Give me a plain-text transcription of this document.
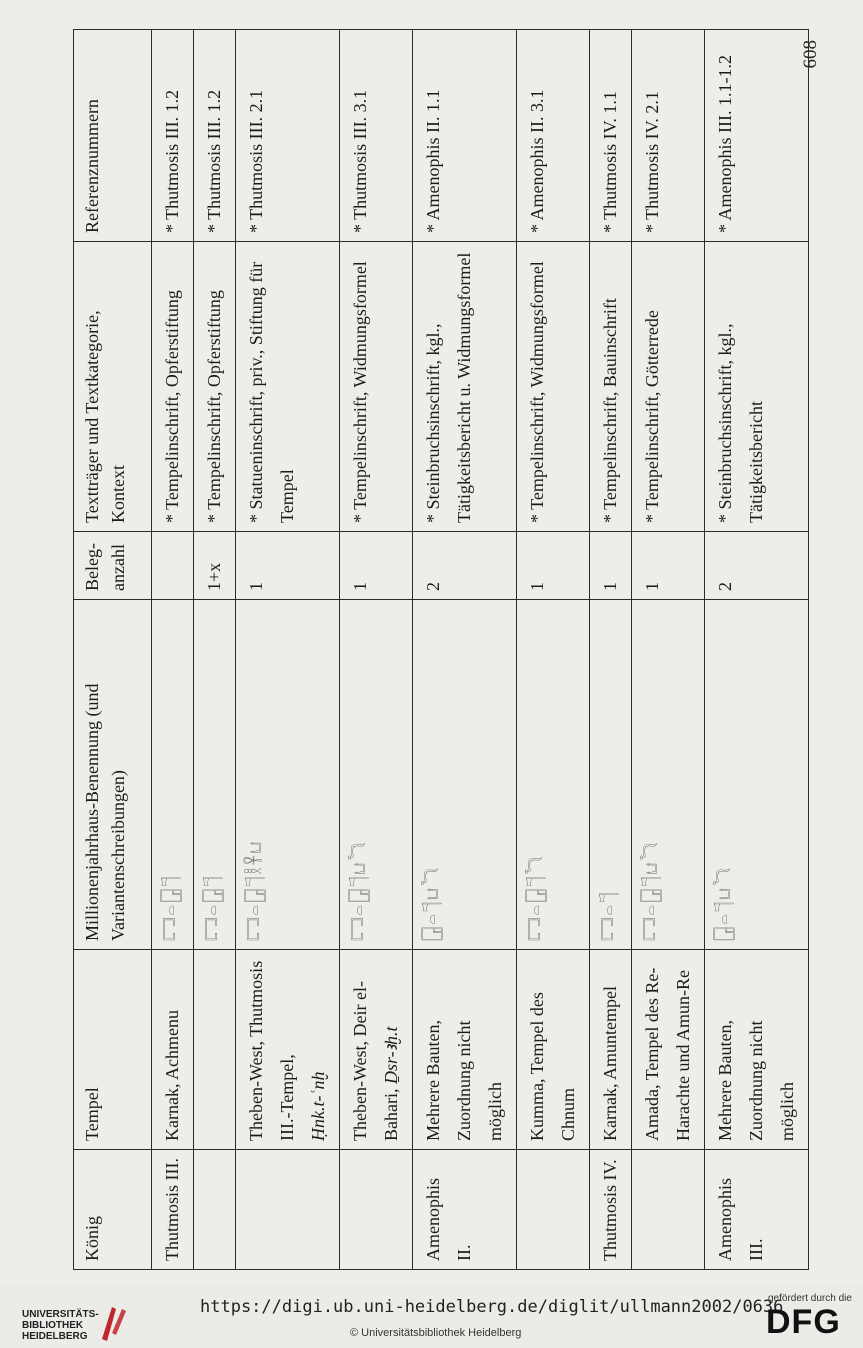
608
König	Tempel	Millionenjahrhaus-Benennung (und Variantenschreibungen)	Beleg-anzahl	Textträger und Textkategorie, Kontext	Referenznummern
Thutmosis III.	Karnak, Achmenu	𓉐𓏏𓉗𓊹		* Tempelinschrift, Opferstiftung	* Thutmosis III. 1.2
		𓉐𓏏𓉗𓊹	1+x	* Tempelinschrift, Opferstiftung	* Thutmosis III. 1.2
	Theben-West, Thutmosis III.-Tempel, Ḥnk.t-ʿnḫ	𓉐𓏏𓉗𓊹𓎛𓋹𓂓	1	* Statueninschrift, priv., Stiftung für Tempel	* Thutmosis III. 2.1
	Theben-West, Deir el-Bahari, Ḏsr-ꜣḫ.t	𓉐𓏏𓉗𓊹𓂓𓆓	1	* Tempelinschrift, Widmungsformel	* Thutmosis III. 3.1
Amenophis II.	Mehrere Bauten, Zuordnung nicht möglich	𓉗𓏏𓊹𓂓𓆓	2	* Steinbruchsinschrift, kgl., Tätigkeitsbericht u. Widmungsformel	* Amenophis II. 1.1
	Kumma, Tempel des Chnum	𓉐𓏏𓉗𓊹𓆓	1	* Tempelinschrift, Widmungsformel	* Amenophis II. 3.1
Thutmosis IV.	Karnak, Amuntempel	𓉐𓏏𓊹	1	* Tempelinschrift, Bauinschrift	* Thutmosis IV. 1.1
	Amada, Tempel des Re-Harachte und Amun-Re	𓉐𓏏𓉗𓊹𓂓𓆓	1	* Tempelinschrift, Götterrede	* Thutmosis IV. 2.1
Amenophis III.	Mehrere Bauten, Zuordnung nicht möglich	𓉗𓏏𓊹𓂓𓆓	2	* Steinbruchsinschrift, kgl., Tätigkeitsbericht	* Amenophis III. 1.1-1.2
UNIVERSITÄTS-
BIBLIOTHEK
HEIDELBERG
https://digi.ub.uni-heidelberg.de/diglit/ullmann2002/0636
© Universitätsbibliothek Heidelberg
gefördert durch die
DFG
